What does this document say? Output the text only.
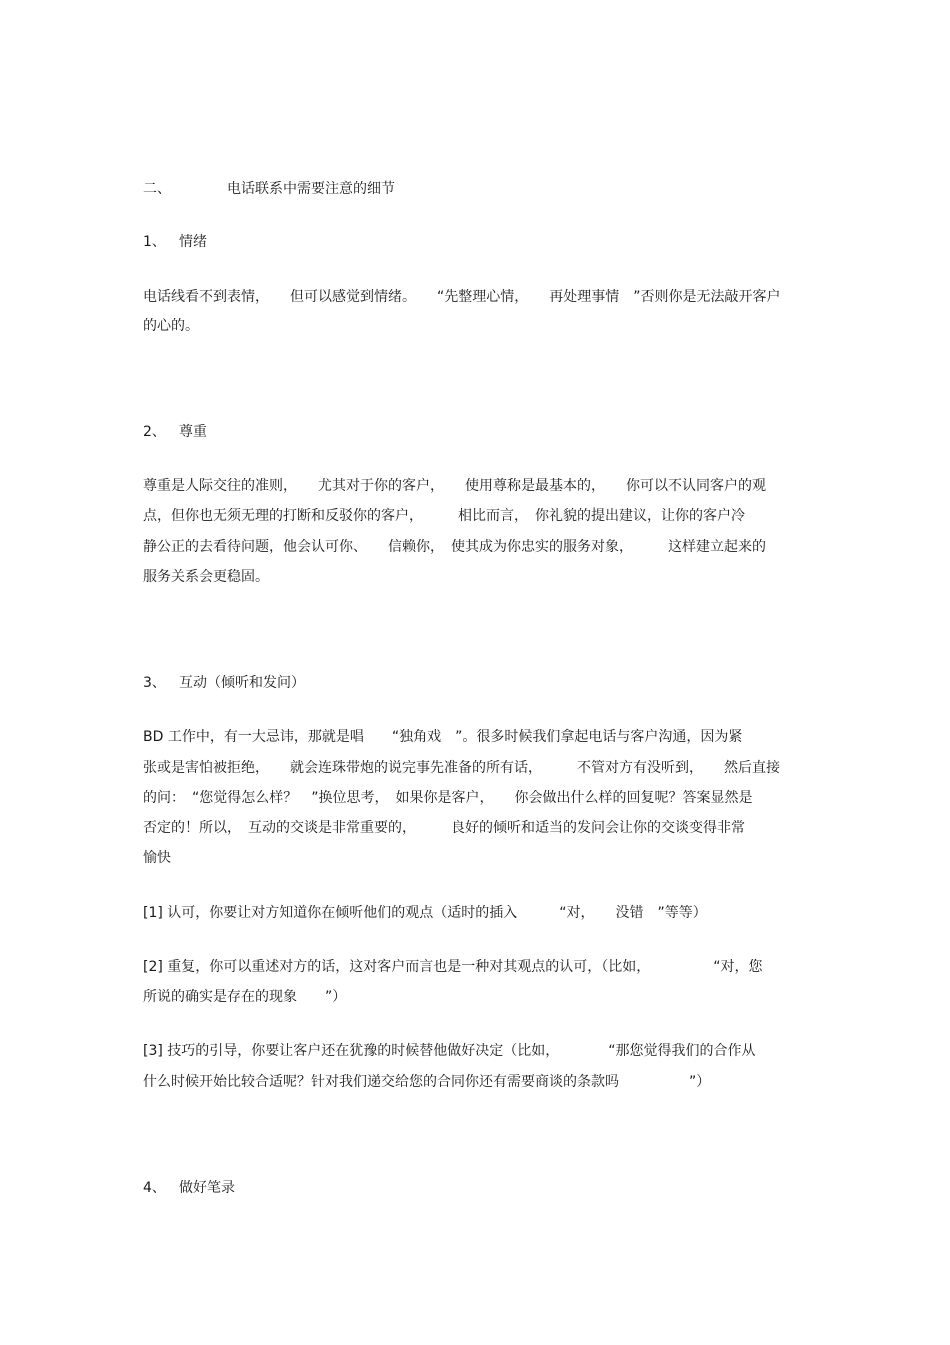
二、	电话联系中需要注意的细节
1、 情绪
电话线看不到表情，　　但可以感觉到情绪。　　“先整理心情，　　再处理事情　”否则你是无法敲开客户
的心的。
2、 尊重
尊重是人际交往的准则，　　尤其对于你的客户，　　使用尊称是最基本的，　　你可以不认同客户的观
点，但你也无须无理的打断和反驳你的客户，　　　相比而言，　你礼貌的提出建议，让你的客户冷
静公正的去看待问题，他会认可你、　　信赖你，　使其成为你忠实的服务对象，　　　这样建立起来的
服务关系会更稳固。
3、 互动（倾听和发问）
BD 工作中，有一大忌讳，那就是唱　　“独角戏　”。很多时候我们拿起电话与客户沟通，因为紧
张或是害怕被拒绝，　　就会连珠带炮的说完事先准备的所有话，　　　不管对方有没听到，　　然后直接
的问：　“您觉得怎么样？　”换位思考，　如果你是客户，　　你会做出什么样的回复呢？答案显然是
否定的！所以，　互动的交谈是非常重要的，　　　良好的倾听和适当的发问会让你的交谈变得非常
愉快
[1] 认可，你要让对方知道你在倾听他们的观点（适时的插入　　　“对，　　没错　”等等）
[2] 重复，你可以重述对方的话，这对客户而言也是一种对其观点的认可，（比如，　　　　　“对，您
所说的确实是存在的现象　　”）
[3] 技巧的引导，你要让客户还在犹豫的时候替他做好决定（比如，　　　　“那您觉得我们的合作从
什么时候开始比较合适呢？针对我们递交给您的合同你还有需要商谈的条款吗　　　　　”）
4、 做好笔录
